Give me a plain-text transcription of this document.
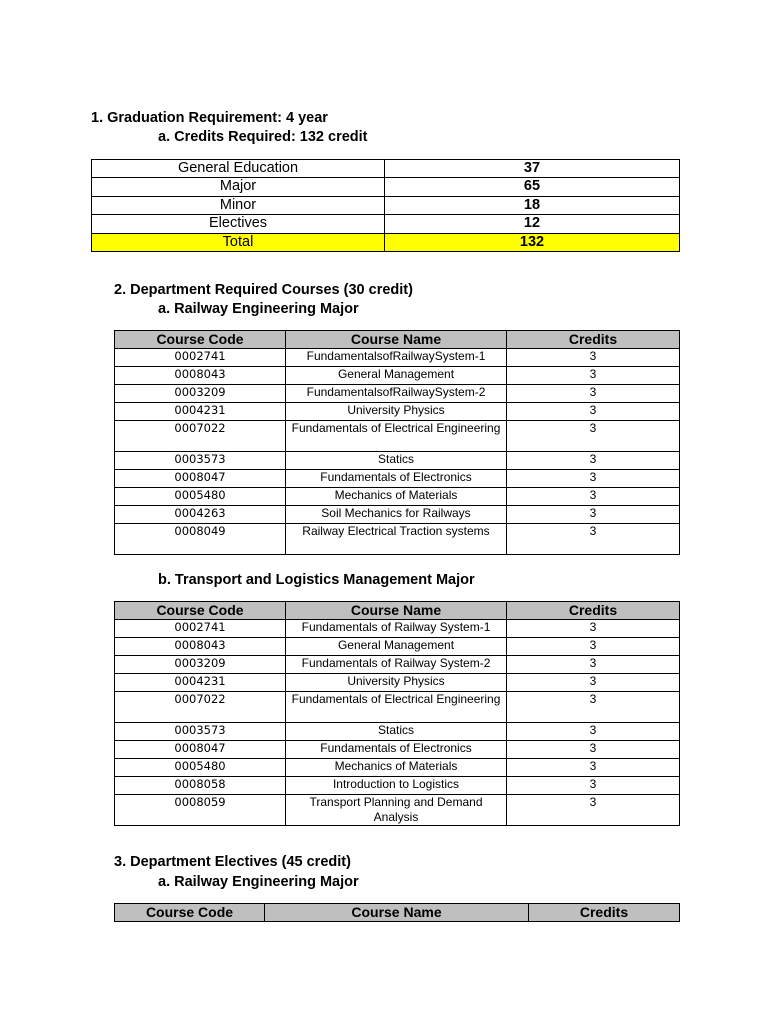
1. Graduation Requirement: 4 year
a. Credits Required: 132 credit
General Education	37
Major	65
Minor	18
Electives	12
Total	132
2. Department Required Courses (30 credit)
a. Railway Engineering Major
Course Code	Course Name	Credits
0002741	FundamentalsofRailwaySystem-1	3
0008043	General Management	3
0003209	FundamentalsofRailwaySystem-2	3
0004231	University Physics	3
0007022	Fundamentals of Electrical Engineering	3
0003573	Statics	3
0008047	Fundamentals of Electronics	3
0005480	Mechanics of Materials	3
0004263	Soil Mechanics for Railways	3
0008049	Railway Electrical Traction systems	3
b. Transport and Logistics Management Major
Course Code	Course Name	Credits
0002741	Fundamentals of Railway System-1	3
0008043	General Management	3
0003209	Fundamentals of Railway System-2	3
0004231	University Physics	3
0007022	Fundamentals of Electrical Engineering	3
0003573	Statics	3
0008047	Fundamentals of Electronics	3
0005480	Mechanics of Materials	3
0008058	Introduction to Logistics	3
0008059	Transport Planning and Demand Analysis	3
3. Department Electives (45 credit)
a. Railway Engineering Major
Course Code	Course Name	Credits
